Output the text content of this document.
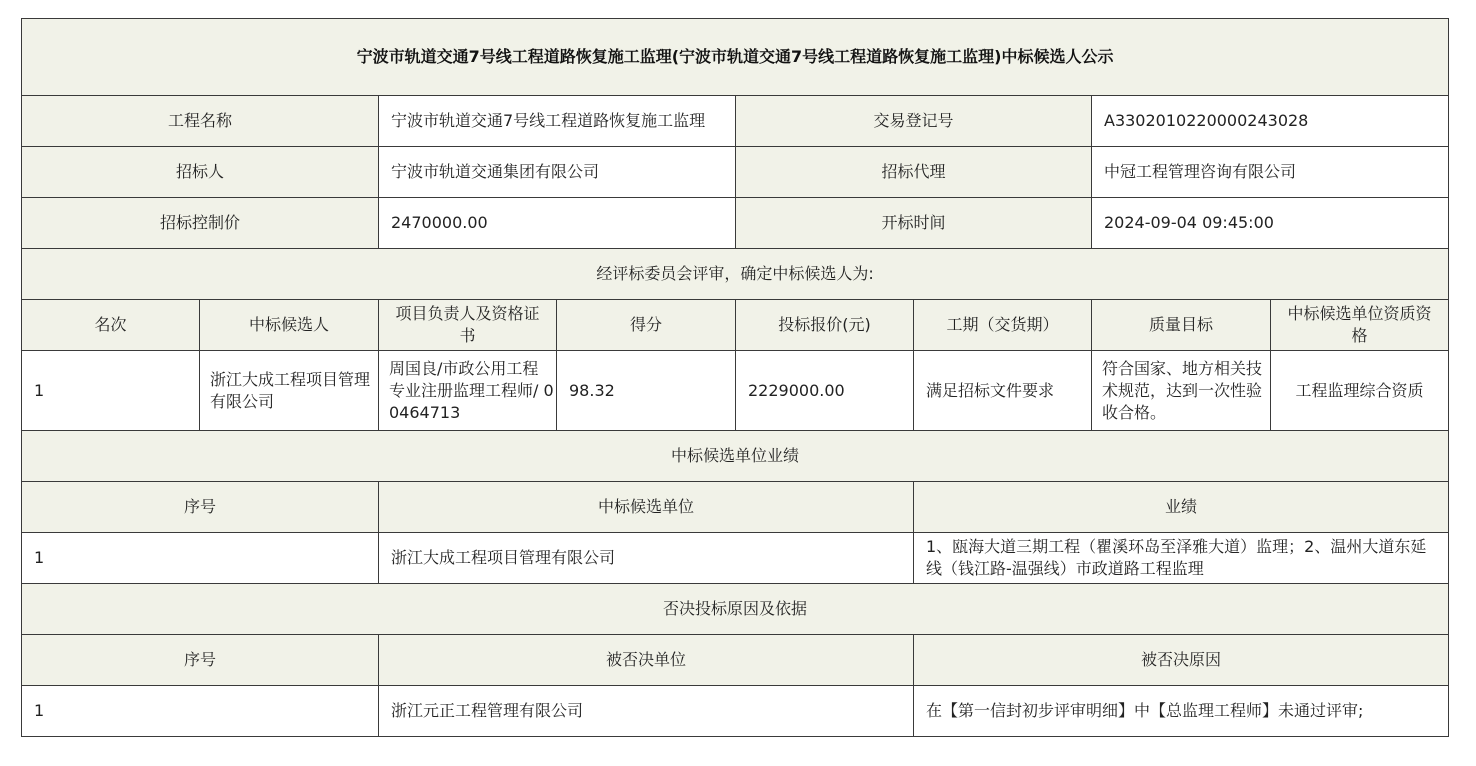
宁波市轨道交通7号线工程道路恢复施工监理(宁波市轨道交通7号线工程道路恢复施工监理)中标候选人公示							
工程名称		宁波市轨道交通7号线工程道路恢复施工监理		交易登记号		A3302010220000243028	
招标人		宁波市轨道交通集团有限公司		招标代理		中冠工程管理咨询有限公司	
招标控制价		2470000.00		开标时间		2024-09-04 09:45:00	
经评标委员会评审，确定中标候选人为:							
名次	中标候选人	项目负责人及资格证书	得分	投标报价(元)	工期（交货期）	质量目标	中标候选单位资质资格
1	浙江大成工程项目管理有限公司	周国良/市政公用工程专业注册监理工程师/ 00464713	98.32	2229000.00	满足招标文件要求	符合国家、地方相关技术规范，达到一次性验收合格。	工程监理综合资质
中标候选单位业绩							
序号		中标候选单位			业绩		
1		浙江大成工程项目管理有限公司			1、瓯海大道三期工程（瞿溪环岛至泽雅大道）监理；2、温州大道东延线（钱江路-温强线）市政道路工程监理		
否决投标原因及依据							
序号		被否决单位			被否决原因		
1		浙江元正工程管理有限公司			在【第一信封初步评审明细】中【总监理工程师】未通过评审;		
